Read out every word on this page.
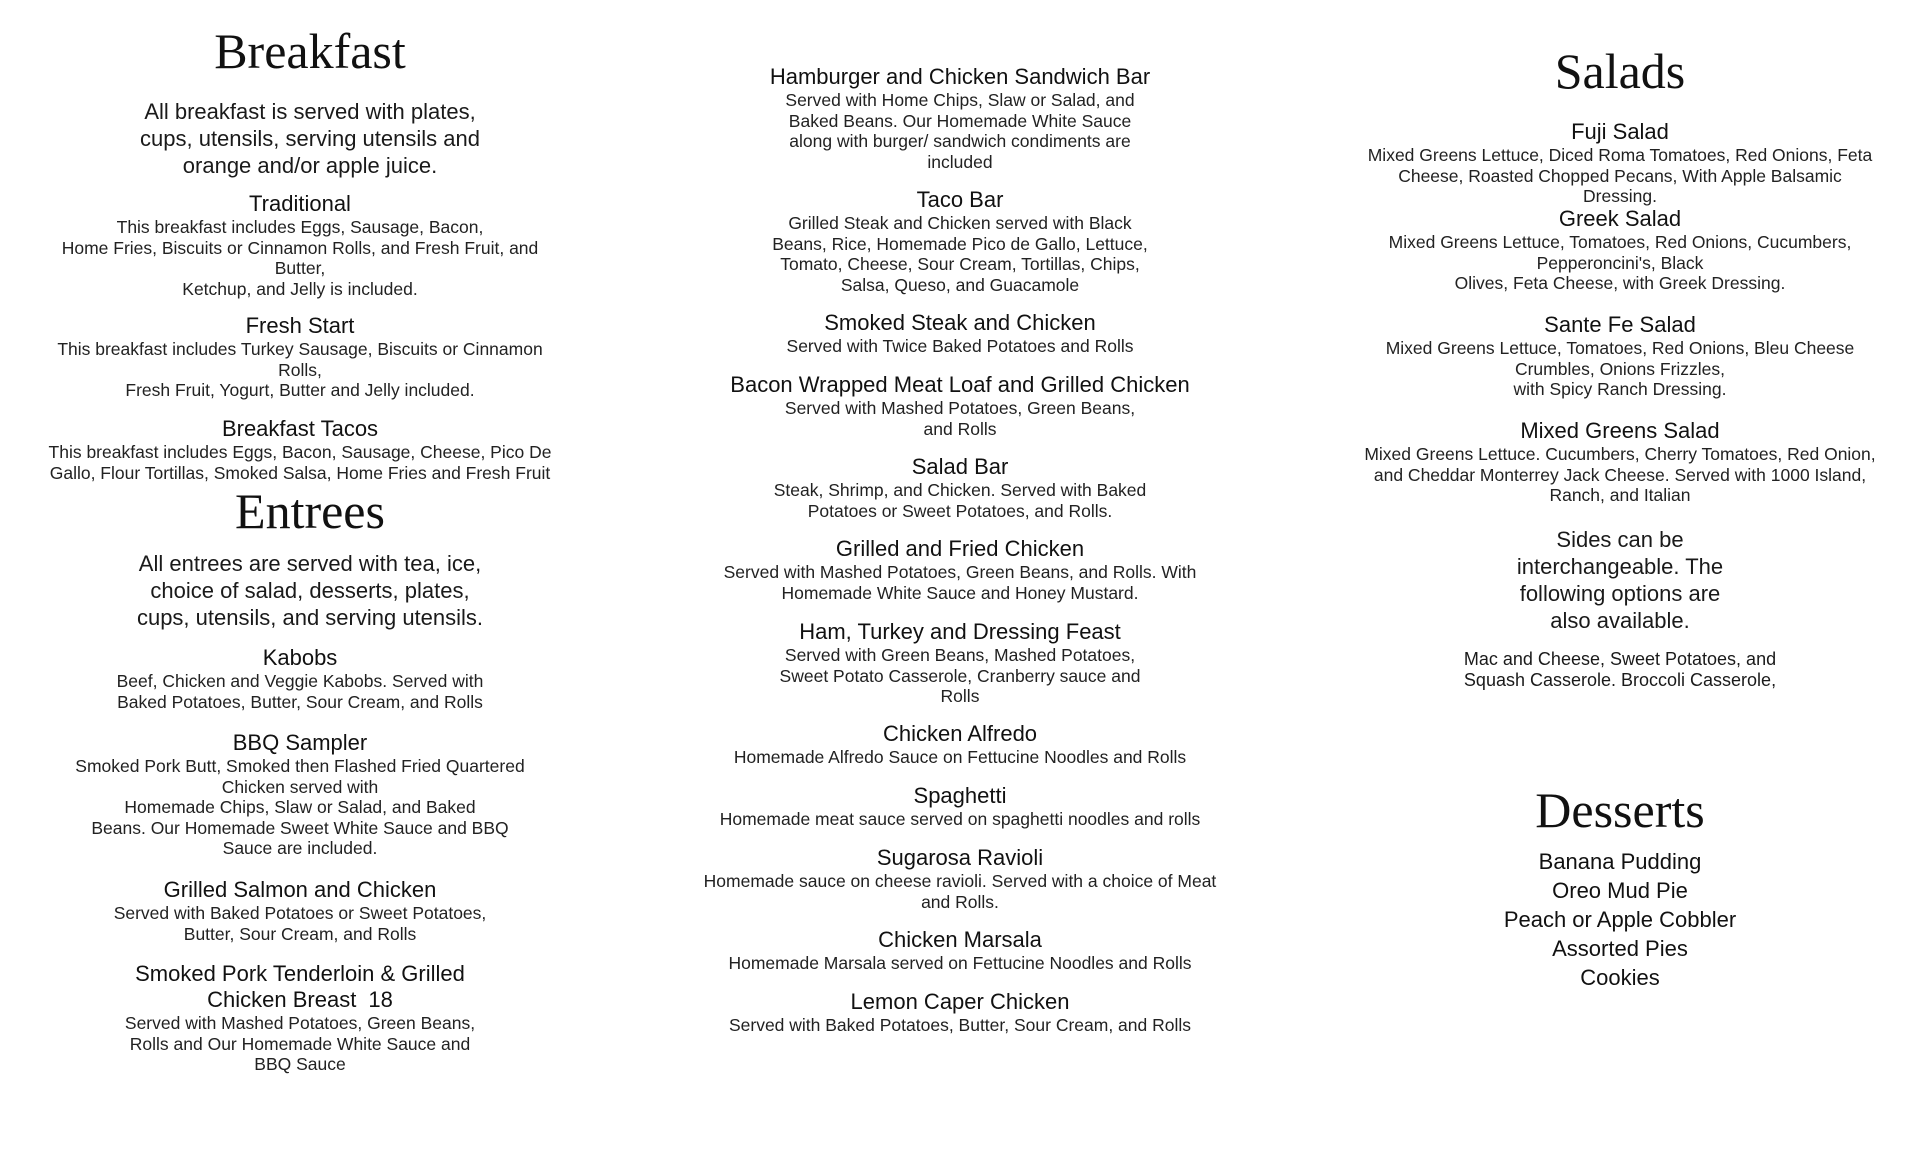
Breakfast

All breakfast is served with plates,
cups, utensils, serving utensils and
orange and/or apple juice.

Traditional
This breakfast includes Eggs, Sausage, Bacon,
Home Fries, Biscuits or Cinnamon Rolls, and Fresh Fruit, and
Butter,
Ketchup, and Jelly is included.
Fresh Start
This breakfast includes Turkey Sausage, Biscuits or Cinnamon
Rolls,
Fresh Fruit, Yogurt, Butter and Jelly included.
Breakfast Tacos
This breakfast includes Eggs, Bacon, Sausage, Cheese, Pico De
Gallo, Flour Tortillas, Smoked Salsa, Home Fries and Fresh Fruit
Entrees

All entrees are served with tea, ice,
choice of salad, desserts, plates,
cups, utensils, and serving utensils.

Kabobs
Beef, Chicken and Veggie Kabobs. Served with
Baked Potatoes, Butter, Sour Cream, and Rolls
BBQ Sampler
Smoked Pork Butt, Smoked then Flashed Fried Quartered
Chicken served with
Homemade Chips, Slaw or Salad, and Baked
Beans. Our Homemade Sweet White Sauce and BBQ
Sauce are included.
Grilled Salmon and Chicken
Served with Baked Potatoes or Sweet Potatoes,
Butter, Sour Cream, and Rolls
Smoked Pork Tenderloin & Grilled
Chicken Breast 18
Served with Mashed Potatoes, Green Beans,
Rolls and Our Homemade White Sauce and
BBQ Sauce
Hamburger and Chicken Sandwich Bar
Served with Home Chips, Slaw or Salad, and
Baked Beans. Our Homemade White Sauce
along with burger/ sandwich condiments are
included
Taco Bar
Grilled Steak and Chicken served with Black
Beans, Rice, Homemade Pico de Gallo, Lettuce,
Tomato, Cheese, Sour Cream, Tortillas, Chips,
Salsa, Queso, and Guacamole
Smoked Steak and Chicken
Served with Twice Baked Potatoes and Rolls
Bacon Wrapped Meat Loaf and Grilled Chicken
Served with Mashed Potatoes, Green Beans,
and Rolls
Salad Bar
Steak, Shrimp, and Chicken. Served with Baked
Potatoes or Sweet Potatoes, and Rolls.
Grilled and Fried Chicken
Served with Mashed Potatoes, Green Beans, and Rolls. With
Homemade White Sauce and Honey Mustard.
Ham, Turkey and Dressing Feast
Served with Green Beans, Mashed Potatoes,
Sweet Potato Casserole, Cranberry sauce and
Rolls
Chicken Alfredo
Homemade Alfredo Sauce on Fettucine Noodles and Rolls
Spaghetti
Homemade meat sauce served on spaghetti noodles and rolls
Sugarosa Ravioli
Homemade sauce on cheese ravioli. Served with a choice of Meat
and Rolls.
Chicken Marsala
Homemade Marsala served on Fettucine Noodles and Rolls
Lemon Caper Chicken
Served with Baked Potatoes, Butter, Sour Cream, and Rolls
Salads
Fuji Salad
Mixed Greens Lettuce, Diced Roma Tomatoes, Red Onions, Feta
Cheese, Roasted Chopped Pecans, With Apple Balsamic
Dressing.
Greek Salad
Mixed Greens Lettuce, Tomatoes, Red Onions, Cucumbers,
Pepperoncini's, Black
Olives, Feta Cheese, with Greek Dressing.
Sante Fe Salad
Mixed Greens Lettuce, Tomatoes, Red Onions, Bleu Cheese
Crumbles, Onions Frizzles,
with Spicy Ranch Dressing.
Mixed Greens Salad
Mixed Greens Lettuce. Cucumbers, Cherry Tomatoes, Red Onion,
and Cheddar Monterrey Jack Cheese. Served with 1000 Island,
Ranch, and Italian

Sides can be
interchangeable. The
following options are
also available.

Mac and Cheese, Sweet Potatoes, and
Squash Casserole. Broccoli Casserole,

Desserts
Banana Pudding
Oreo Mud Pie
Peach or Apple Cobbler
Assorted Pies
Cookies
